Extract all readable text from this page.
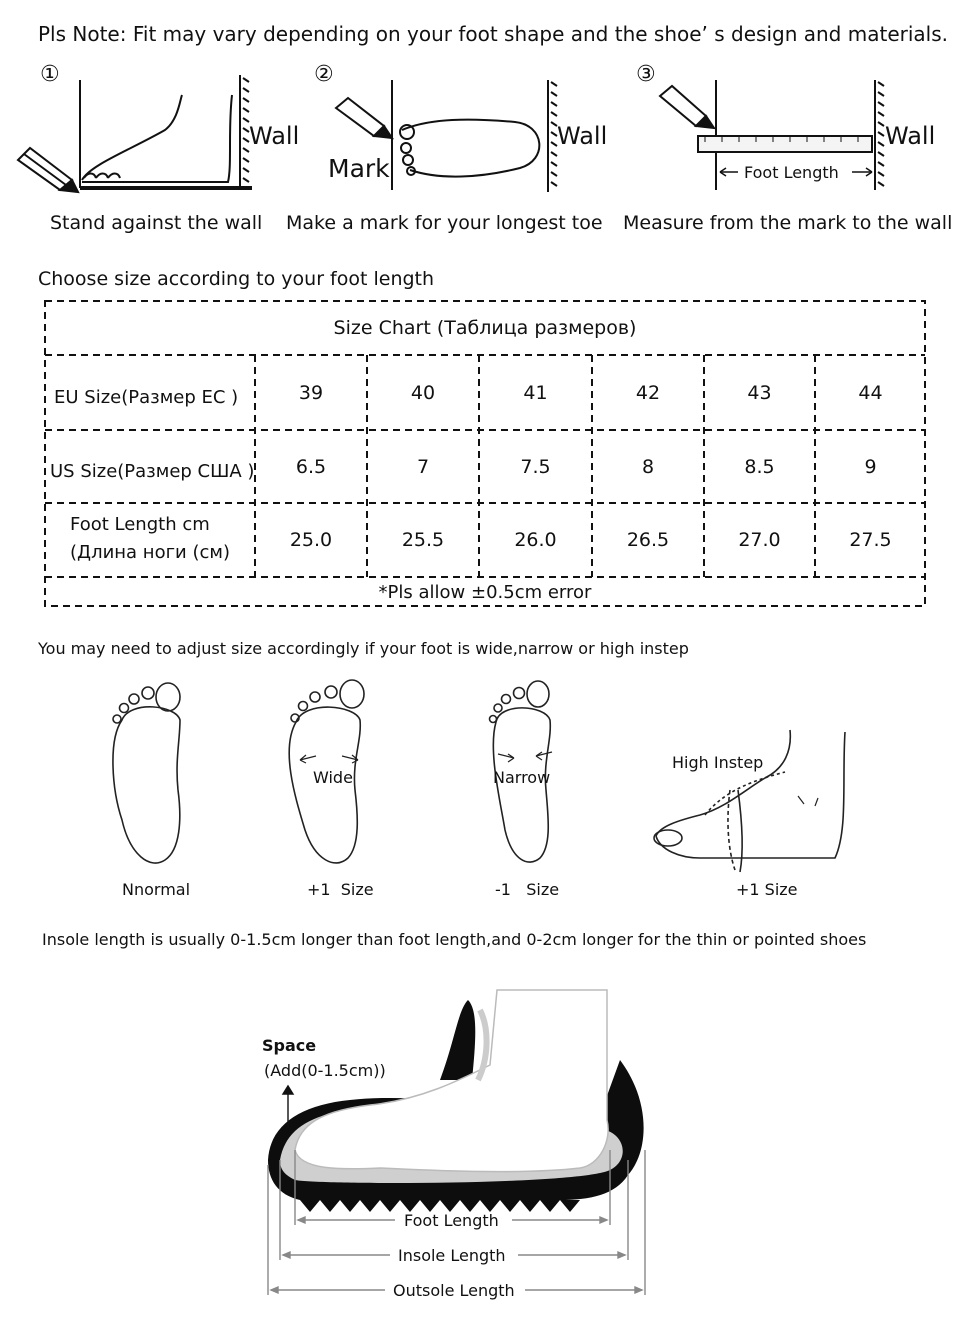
Pls Note: Fit may vary depending on your foot shape and the shoe’ s design and materials.
①	②	③
Wall	Wall	Wall
Mark	Foot Length
Stand against the wall Make a mark for your longest toe Measure from the mark to the wall
Choose size according to your foot length
Size Chart (Таблица размеров)
EU Size(Размер ЕС )	39	40	41	42	43	44
US Size(Размер США )	6.5	7	7.5	8	8.5	9
Foot Length cm
(Длина ноги (см)
25.0	25.5	26.0	26.5	27.0	27.5
*Pls allow ±0.5cm error
You may need to adjust size accordingly if your foot is wide,narrow or high instep
Wide	Narrow
High Instep
Nnormal	+1  Size	-1   Size	+1 Size
Insole length is usually 0-1.5cm longer than foot length,and 0-2cm longer for the thin or pointed shoes
Space
(Add(0-1.5cm))
Foot Length
Insole Length
Outsole Length
